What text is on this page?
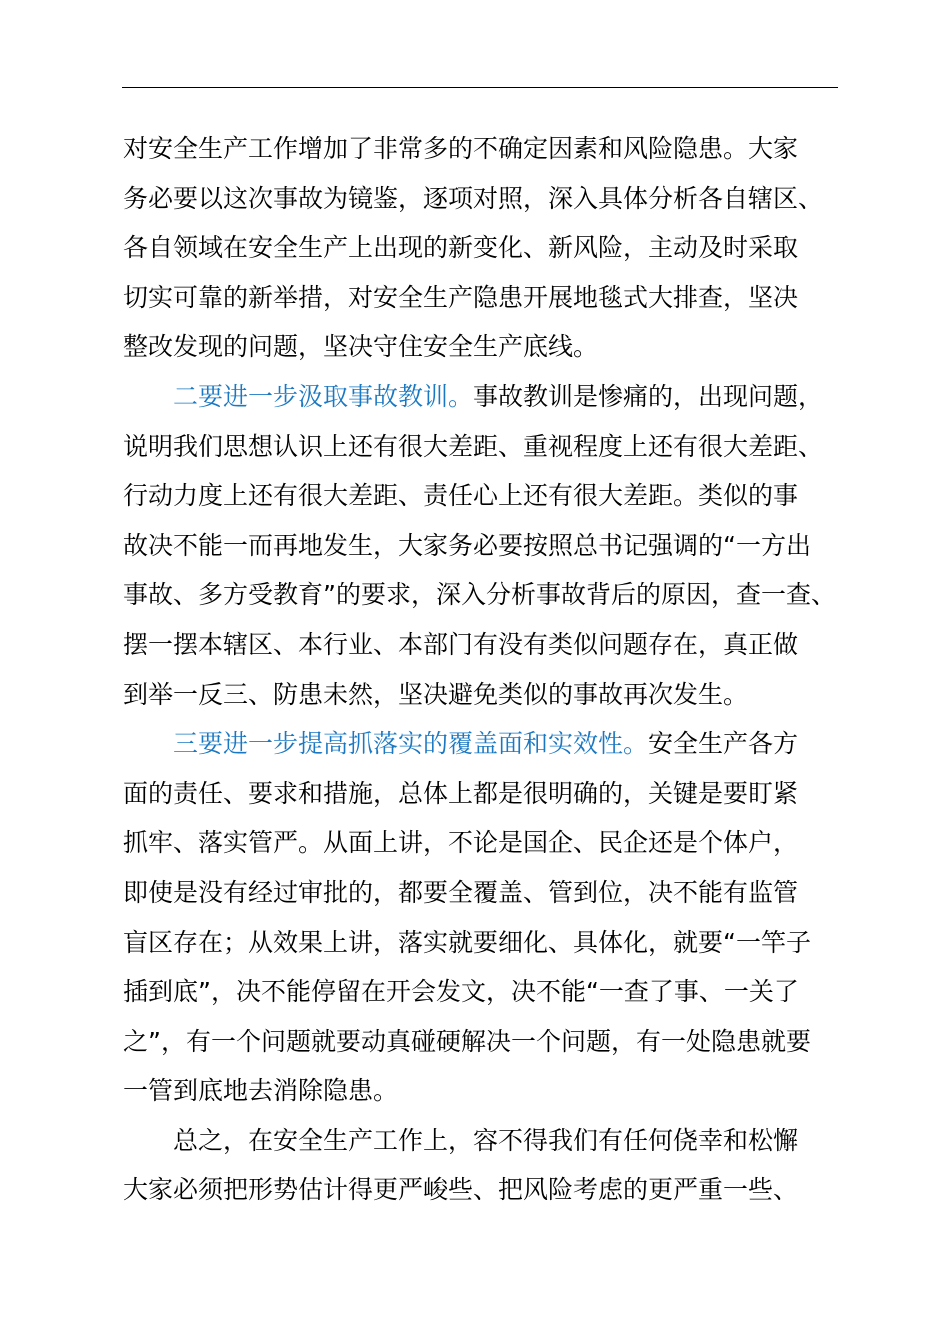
对安全生产工作增加了非常多的不确定因素和风险隐患。大家
务必要以这次事故为镜鉴，逐项对照，深入具体分析各自辖区、
各自领域在安全生产上出现的新变化、新风险，主动及时采取
切实可靠的新举措，对安全生产隐患开展地毯式大排查，坚决
整改发现的问题，坚决守住安全生产底线。
二要进一步汲取事故教训。事故教训是惨痛的，出现问题，
说明我们思想认识上还有很大差距、重视程度上还有很大差距、
行动力度上还有很大差距、责任心上还有很大差距。类似的事
故决不能一而再地发生，大家务必要按照总书记强调的“一方出
事故、多方受教育”的要求，深入分析事故背后的原因，查一查、
摆一摆本辖区、本行业、本部门有没有类似问题存在，真正做
到举一反三、防患未然，坚决避免类似的事故再次发生。
三要进一步提高抓落实的覆盖面和实效性。安全生产各方
面的责任、要求和措施，总体上都是很明确的，关键是要盯紧
抓牢、落实管严。从面上讲，不论是国企、民企还是个体户，
即使是没有经过审批的，都要全覆盖、管到位，决不能有监管
盲区存在；从效果上讲，落实就要细化、具体化，就要“一竿子
插到底”，决不能停留在开会发文，决不能“一查了事、一关了
之”，有一个问题就要动真碰硬解决一个问题，有一处隐患就要
一管到底地去消除隐患。
总之，在安全生产工作上，容不得我们有任何侥幸和松懈
大家必须把形势估计得更严峻些、把风险考虑的更严重一些、
